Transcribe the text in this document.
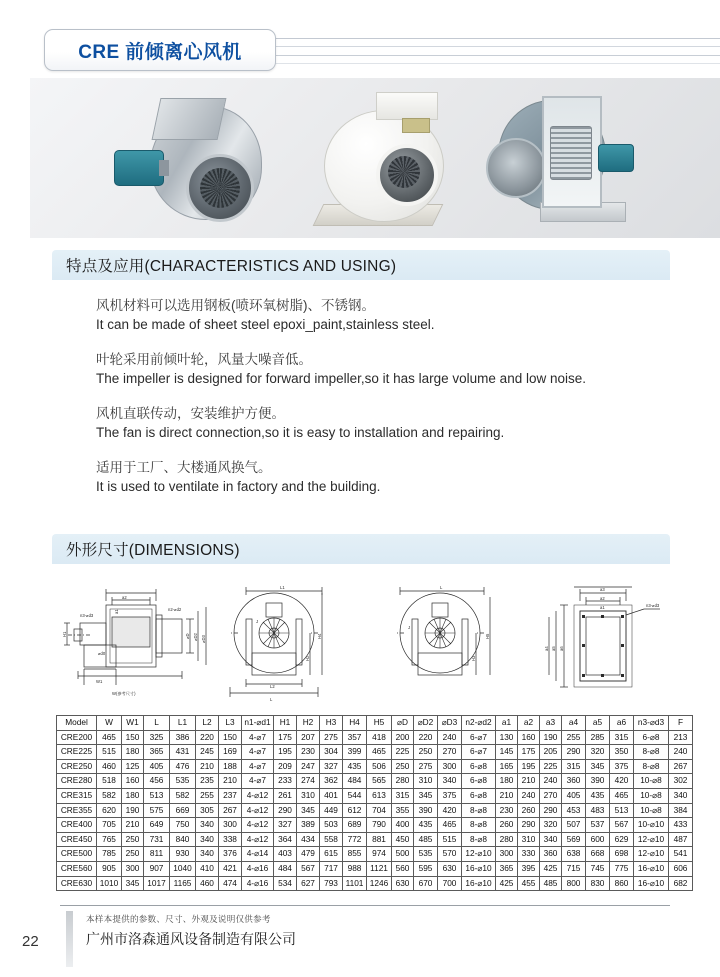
CRE 前倾离心风机
特点及应用(CHARACTERISTICS AND USING)
风机材料可以选用钢板(喷环氧树脂)、不锈钢。
It can be made of sheet steel epoxi_paint,stainless steel.
叶轮采用前倾叶轮，风量大噪音低。
The impeller is designed for forward impeller,so it has large volume and low noise.
风机直联传动，安装维护方便。
The fan is direct connection,so it is easy to installation and repairing.
适用于工厂、大楼通风换气。
It is used to ventilate in factory and the building.
外形尺寸(DIMENSIONS)
a2
a1
n3-⌀d3
n2-⌀d2
H1	⌀D ⌀D2 ⌀D3
W1
W(参考尺寸)
⌀d0
L1
L2
L
H4
H2
J
L
H5
H3
J
a3
a2
a1	n3-⌀d3
a6
a5
a4
Model	W	W1	L	L1	L2	L3	n1-⌀d1	H1	H2	H3	H4	H5	⌀D	⌀D2	⌀D3	n2-⌀d2	a1	a2	a3	a4	a5	a6	n3-⌀d3	F
CRE200	465	150	325	386	220	150	4-⌀7	175	207	275	357	418	200	220	240	6-⌀7	130	160	190	255	285	315	6-⌀8	213
CRE225	515	180	365	431	245	169	4-⌀7	195	230	304	399	465	225	250	270	6-⌀7	145	175	205	290	320	350	8-⌀8	240
CRE250	460	125	405	476	210	188	4-⌀7	209	247	327	435	506	250	275	300	6-⌀8	165	195	225	315	345	375	8-⌀8	267
CRE280	518	160	456	535	235	210	4-⌀7	233	274	362	484	565	280	310	340	6-⌀8	180	210	240	360	390	420	10-⌀8	302
CRE315	582	180	513	582	255	237	4-⌀12	261	310	401	544	613	315	345	375	6-⌀8	210	240	270	405	435	465	10-⌀8	340
CRE355	620	190	575	669	305	267	4-⌀12	290	345	449	612	704	355	390	420	8-⌀8	230	260	290	453	483	513	10-⌀8	384
CRE400	705	210	649	750	340	300	4-⌀12	327	389	503	689	790	400	435	465	8-⌀8	260	290	320	507	537	567	10-⌀10	433
CRE450	765	250	731	840	340	338	4-⌀12	364	434	558	772	881	450	485	515	8-⌀8	280	310	340	569	600	629	12-⌀10	487
CRE500	785	250	811	930	340	376	4-⌀14	403	479	615	855	974	500	535	570	12-⌀10	300	330	360	638	668	698	12-⌀10	541
CRE560	905	300	907	1040	410	421	4-⌀16	484	567	717	988	1121	560	595	630	16-⌀10	365	395	425	715	745	775	16-⌀10	606
CRE630	1010	345	1017	1165	460	474	4-⌀16	534	627	793	1101	1246	630	670	700	16-⌀10	425	455	485	800	830	860	16-⌀10	682
22
本样本提供的参数、尺寸、外观及说明仅供参考
广州市洛森通风设备制造有限公司
